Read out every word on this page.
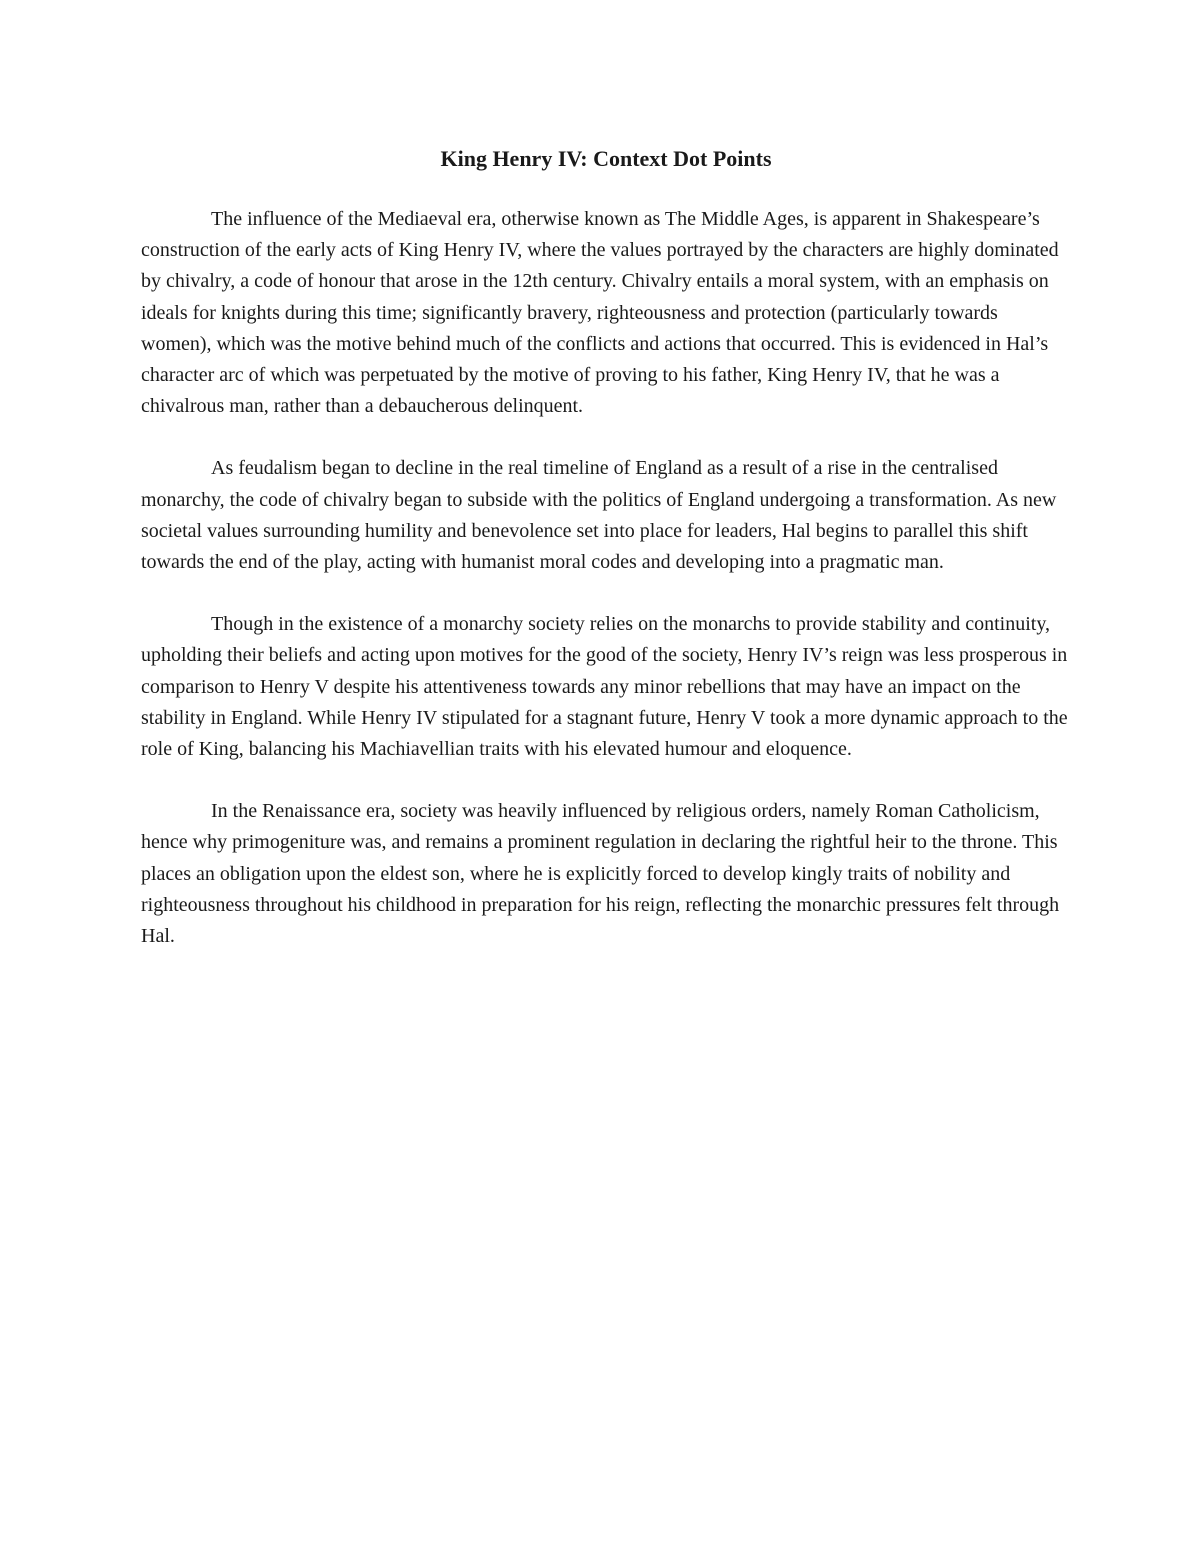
King Henry IV: Context Dot Points

The influence of the Mediaeval era, otherwise known as The Middle Ages, is apparent in Shakespeare’s construction of the early acts of King Henry IV, where the values portrayed by the characters are highly dominated by chivalry, a code of honour that arose in the 12th century. Chivalry entails a moral system, with an emphasis on ideals for knights during this time; significantly bravery, righteousness and protection (particularly towards women), which was the motive behind much of the conflicts and actions that occurred. This is evidenced in Hal’s character arc of which was perpetuated by the motive of proving to his father, King Henry IV, that he was a chivalrous man, rather than a debaucherous delinquent.

As feudalism began to decline in the real timeline of England as a result of a rise in the centralised monarchy, the code of chivalry began to subside with the politics of England undergoing a transformation. As new societal values surrounding humility and benevolence set into place for leaders, Hal begins to parallel this shift towards the end of the play, acting with humanist moral codes and developing into a pragmatic man.

Though in the existence of a monarchy society relies on the monarchs to provide stability and continuity, upholding their beliefs and acting upon motives for the good of the society, Henry IV’s reign was less prosperous in comparison to Henry V despite his attentiveness towards any minor rebellions that may have an impact on the stability in England. While Henry IV stipulated for a stagnant future, Henry V took a more dynamic approach to the role of King, balancing his Machiavellian traits with his elevated humour and eloquence.

In the Renaissance era, society was heavily influenced by religious orders, namely Roman Catholicism, hence why primogeniture was, and remains a prominent regulation in declaring the rightful heir to the throne. This places an obligation upon the eldest son, where he is explicitly forced to develop kingly traits of nobility and righteousness throughout his childhood in preparation for his reign, reflecting the monarchic pressures felt through Hal.
